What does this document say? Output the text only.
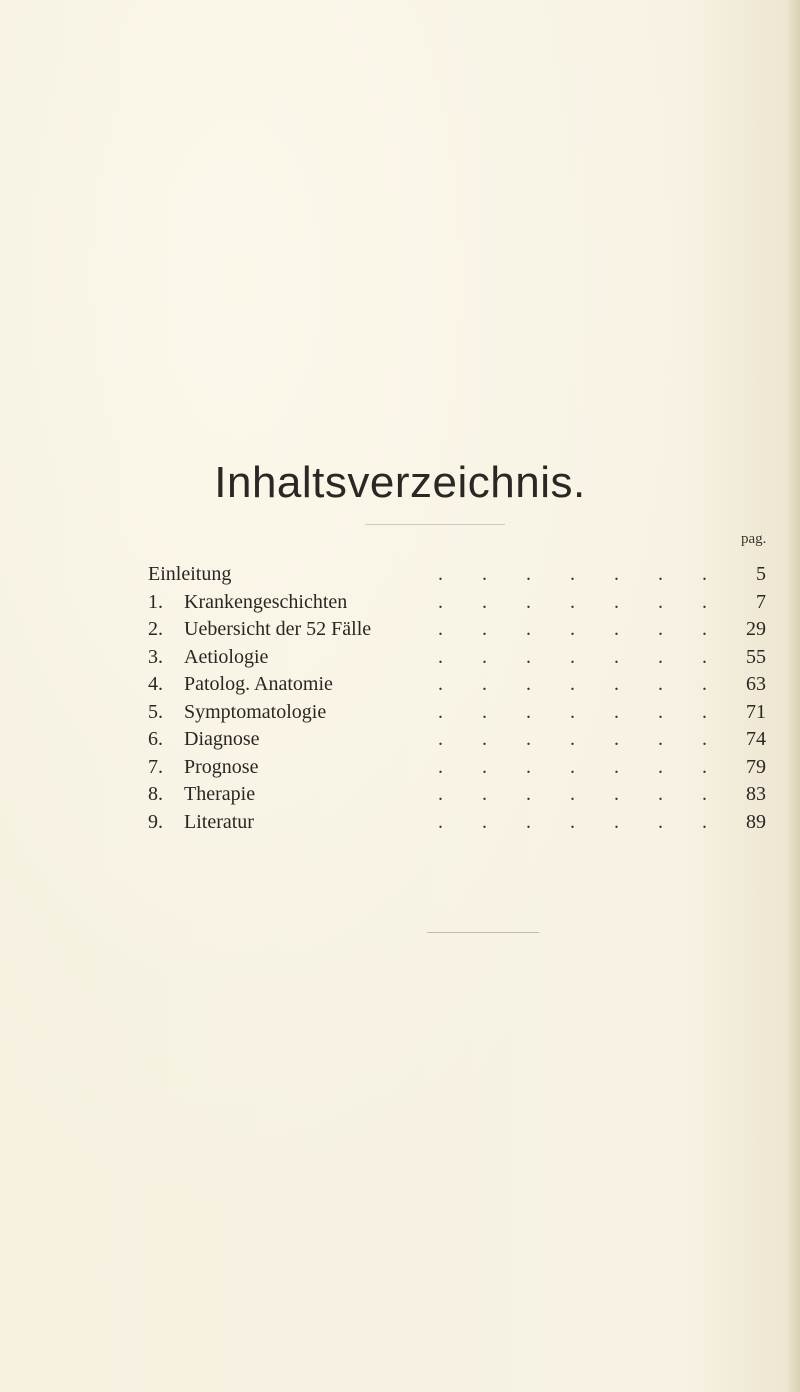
Inhaltsverzeichnis.
pag.
Einleitung	. . . . . . . 5
1. Krankengeschichten	. . . . . . . 7
2. Uebersicht der 52 Fälle	. . . . . . . 29
3. Aetiologie	. . . . . . . 55
4. Patolog. Anatomie	. . . . . . . 63
5. Symptomatologie	. . . . . . . 71
6. Diagnose	. . . . . . . 74
7. Prognose	. . . . . . . 79
8. Therapie	. . . . . . . 83
9. Literatur	. . . . . . . 89
